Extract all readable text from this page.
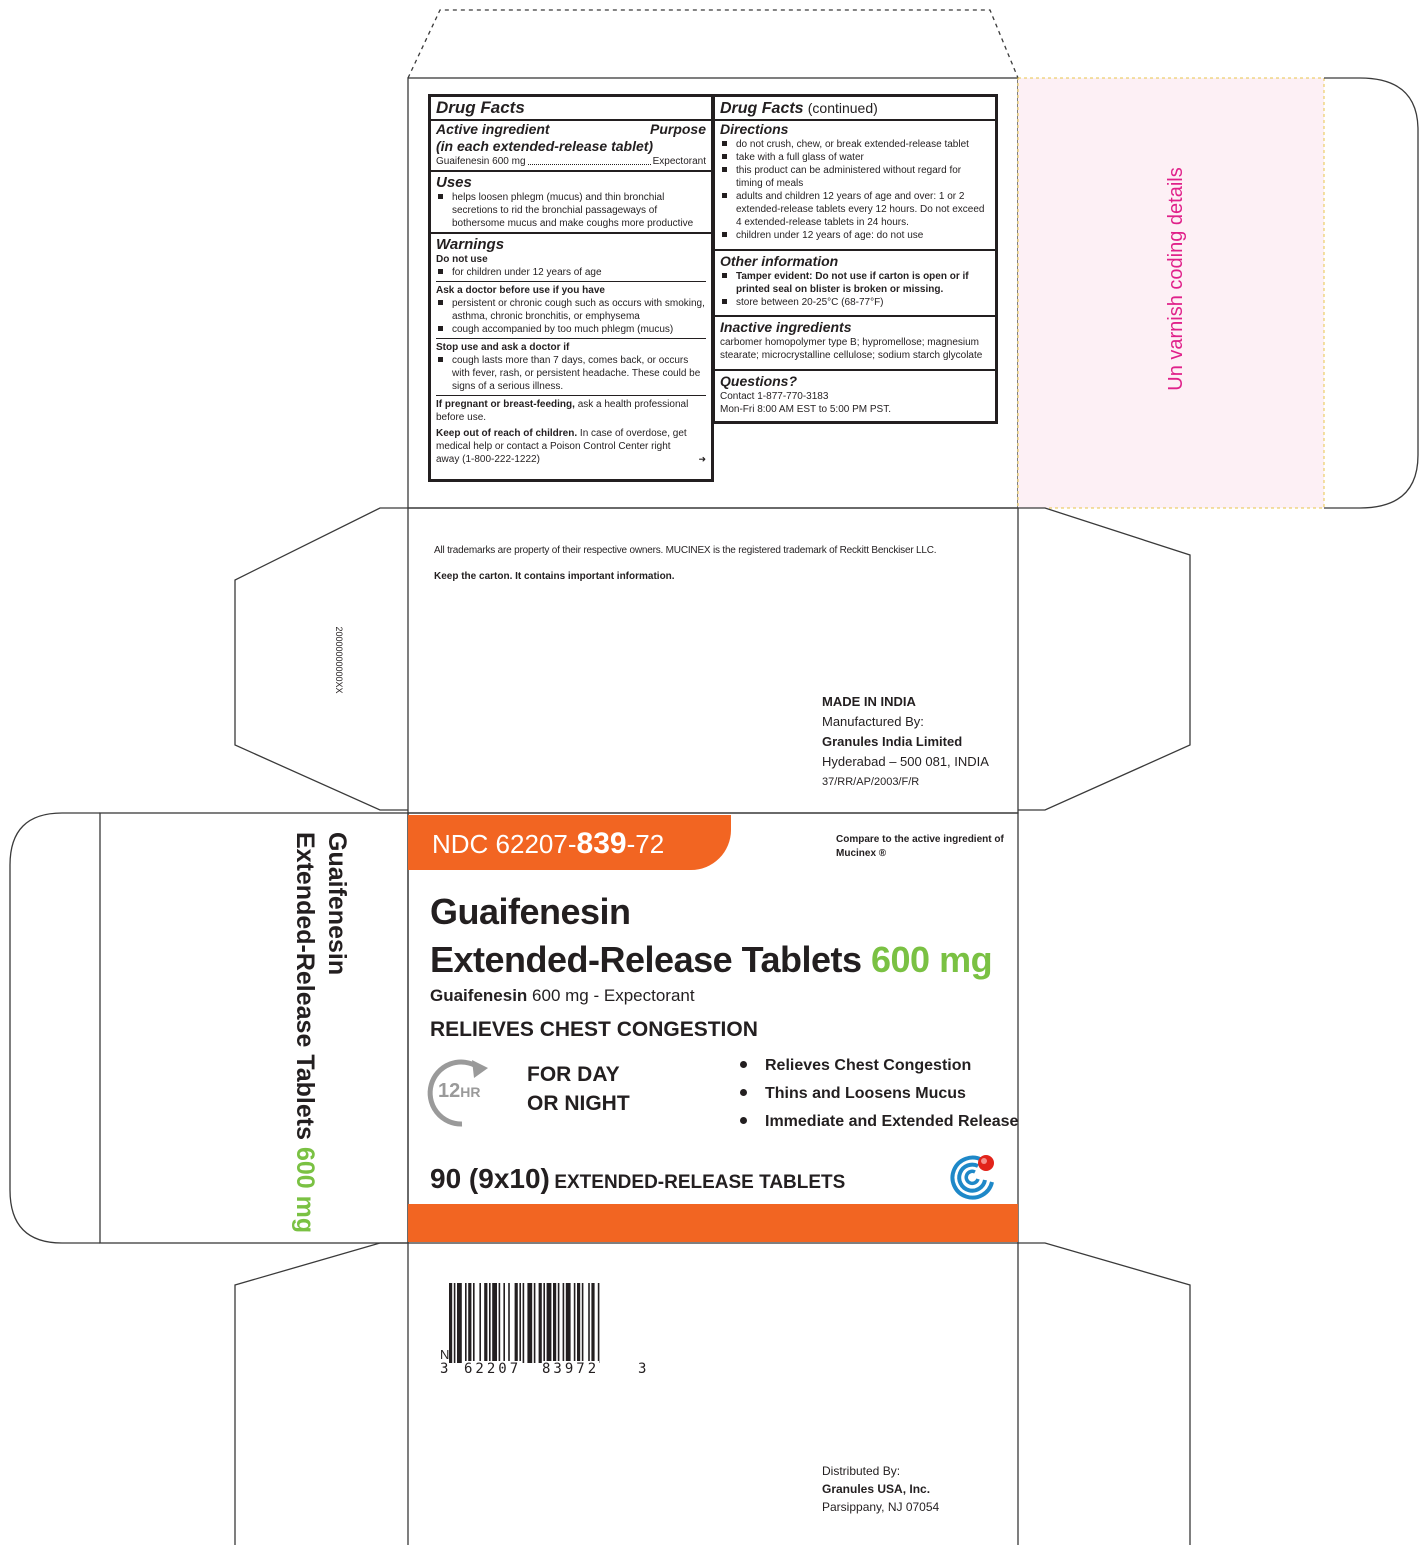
Drug Facts
Active ingredient	Purpose
(in each extended-release tablet)
Guaifenesin 600 mg	Expectorant
Uses
helps loosen phlegm (mucus) and thin bronchial secretions to rid the bronchial passageways of bothersome mucus and make coughs more productive
Warnings
Do not use
for children under 12 years of age
Ask a doctor before use if you have
persistent or chronic cough such as occurs with smoking, asthma, chronic bronchitis, or emphysema
cough accompanied by too much phlegm (mucus)
Stop use and ask a doctor if
cough lasts more than 7 days, comes back, or occurs with fever, rash, or persistent headache. These could be signs of a serious illness.
If pregnant or breast-feeding, ask a health professional before use.
Keep out of reach of children. In case of overdose, get medical help or contact a Poison Control Center right away (1-800-222-1222)	➜
Drug Facts (continued)
Directions
do not crush, chew, or break extended-release tablet
take with a full glass of water
this product can be administered without regard for timing of meals
adults and children 12 years of age and over: 1 or 2 extended-release tablets every 12 hours. Do not exceed 4 extended-release tablets in 24 hours.
children under 12 years of age: do not use
Other information
Tamper evident: Do not use if carton is open or if printed seal on blister is broken or missing.
store between 20-25°C (68-77°F)
Inactive ingredients
carbomer homopolymer type B; hypromellose; magnesium stearate; microcrystalline cellulose; sodium starch glycolate
Questions?
Contact 1-877-770-3183
Mon-Fri 8:00 AM EST to 5:00 PM PST.
Un varnish coding details
All trademarks are property of their respective owners. MUCINEX is the registered trademark of Reckitt Benckiser LLC.
Keep the carton. It contains important information.
MADE IN INDIA
Manufactured By:
Granules India Limited
Hyderabad – 500 081, INDIA
37/RR/AP/2003/F/R
20000000000XX
Guaifenesin
Extended-Release Tablets 600 mg
NDC 62207-839-72	Compare to the active ingredient of Mucinex ®
Guaifenesin
Extended-Release Tablets 600 mg
Guaifenesin 600 mg - Expectorant
RELIEVES CHEST CONGESTION
12HR
FOR DAY
OR NIGHT
Relieves Chest Congestion
Thins and Loosens Mucus
Immediate and Extended Release
90 (9x10) EXTENDED-RELEASE TABLETS
N
3 62207 83972	3
Distributed By:
Granules USA, Inc.
Parsippany, NJ 07054
